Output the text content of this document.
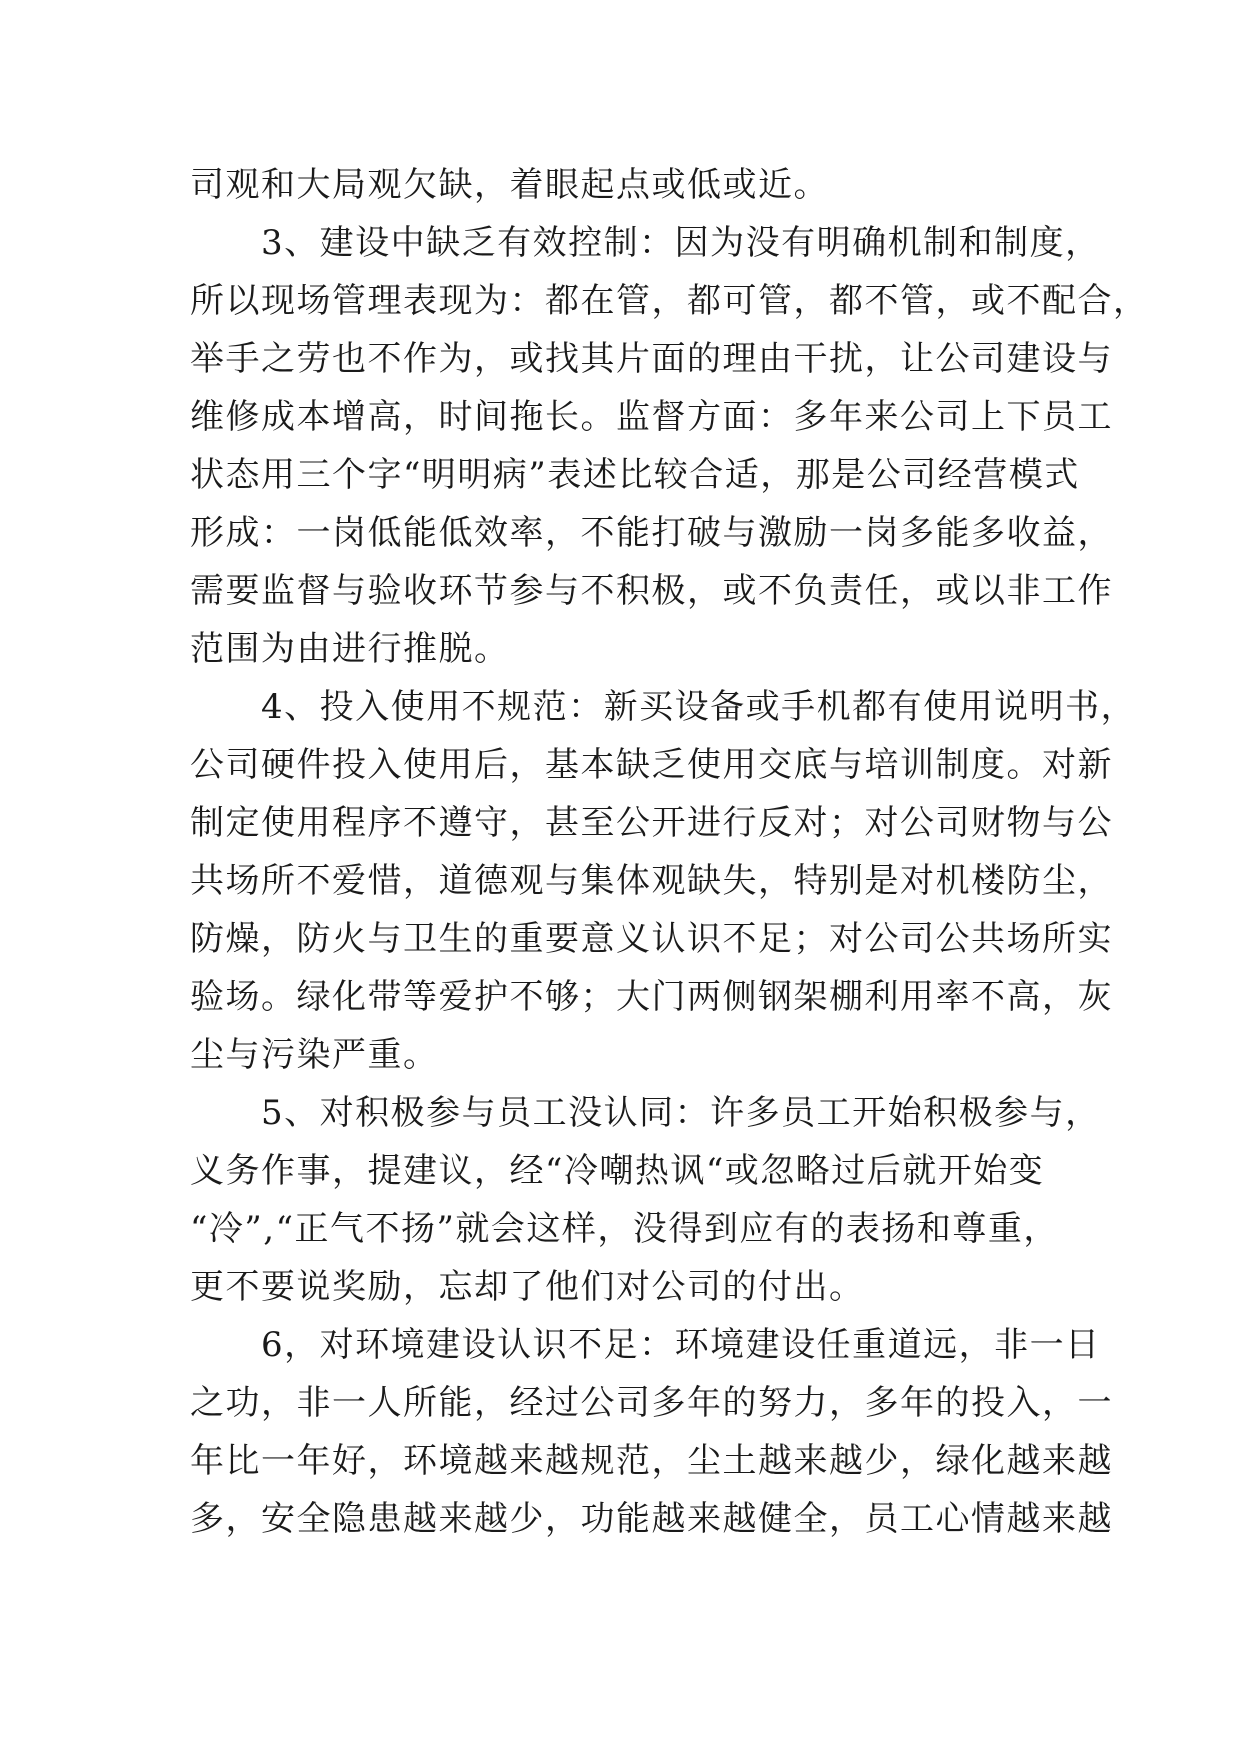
司观和大局观欠缺，着眼起点或低或近。
　　3、建设中缺乏有效控制：因为没有明确机制和制度，
所以现场管理表现为：都在管，都可管，都不管，或不配合，
举手之劳也不作为，或找其片面的理由干扰，让公司建设与
维修成本增高，时间拖长。监督方面：多年来公司上下员工
状态用三个字“明明病”表述比较合适，那是公司经营模式
形成：一岗低能低效率，不能打破与激励一岗多能多收益，
需要监督与验收环节参与不积极，或不负责任，或以非工作
范围为由进行推脱。
　　4、投入使用不规范：新买设备或手机都有使用说明书，
公司硬件投入使用后，基本缺乏使用交底与培训制度。对新
制定使用程序不遵守，甚至公开进行反对；对公司财物与公
共场所不爱惜，道德观与集体观缺失，特别是对机楼防尘，
防燥，防火与卫生的重要意义认识不足；对公司公共场所实
验场。绿化带等爱护不够；大门两侧钢架棚利用率不高，灰
尘与污染严重。
　　5、对积极参与员工没认同：许多员工开始积极参与，
义务作事，提建议，经“冷嘲热讽“或忽略过后就开始变
“冷”,“正气不扬”就会这样，没得到应有的表扬和尊重，
更不要说奖励，忘却了他们对公司的付出。
　　6，对环境建设认识不足：环境建设任重道远，非一日
之功，非一人所能，经过公司多年的努力，多年的投入，一
年比一年好，环境越来越规范，尘土越来越少，绿化越来越
多，安全隐患越来越少，功能越来越健全，员工心情越来越
